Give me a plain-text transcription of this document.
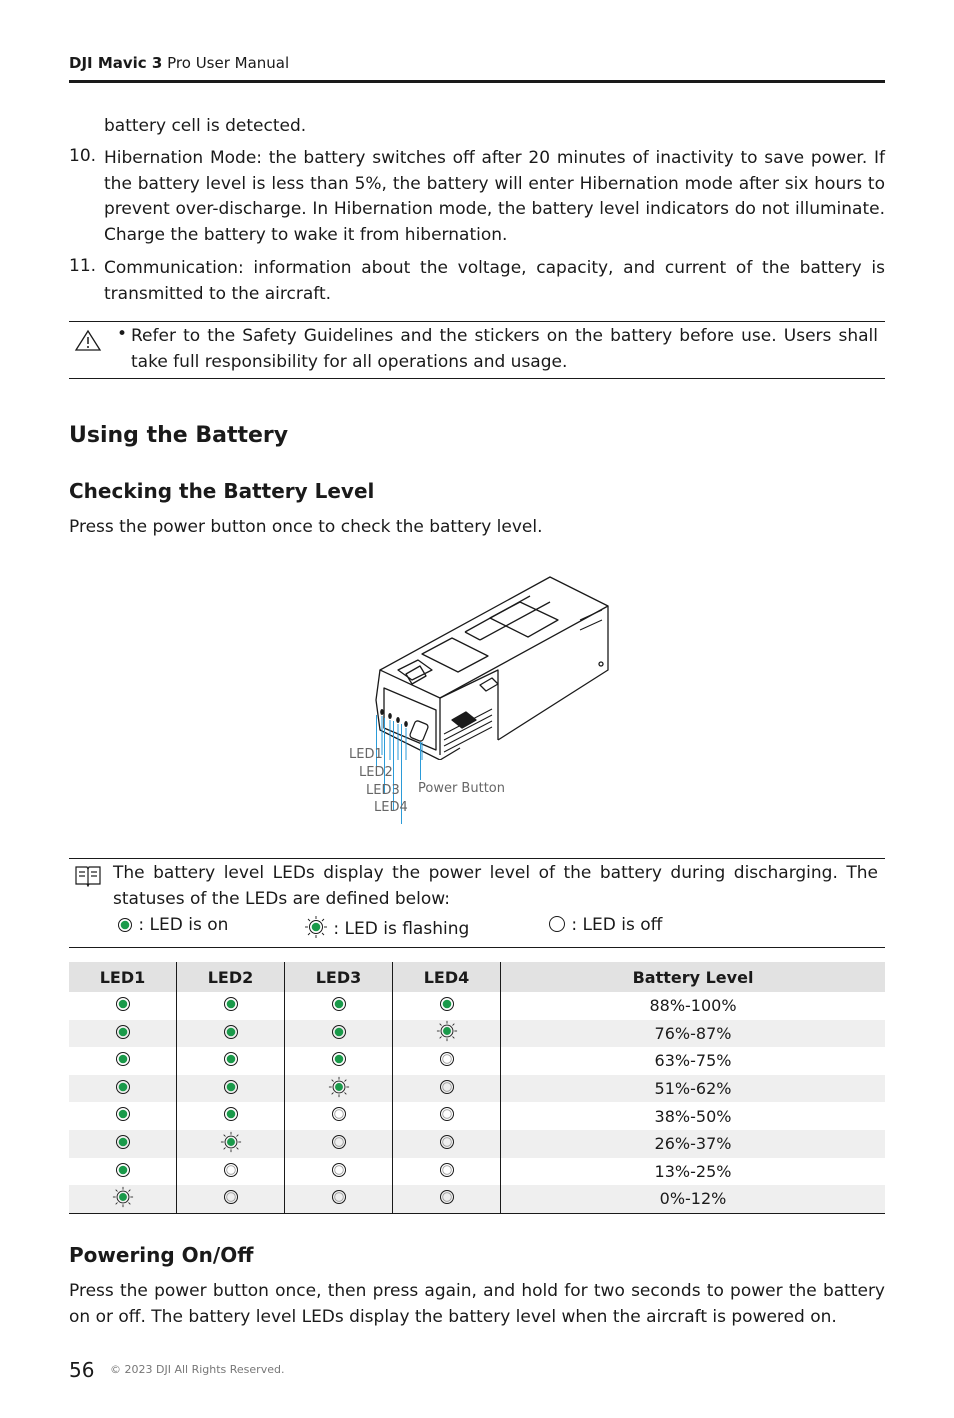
DJI Mavic 3 Pro User Manual
battery cell is detected.
10. Hibernation Mode: the battery switches off after 20 minutes of inactivity to save power. If the battery level is less than 5%, the battery will enter Hibernation mode after six hours to prevent over-discharge. In Hibernation mode, the battery level indicators do not illuminate. Charge the battery to wake it from hibernation.
11. Communication: information about the voltage, capacity, and current of the battery is transmitted to the aircraft.
• Refer to the Safety Guidelines and the stickers on the battery before use. Users shall take full responsibility for all operations and usage.
Using the Battery
Checking the Battery Level
Press the power button once to check the battery level.
LED1
LED2
LED3
LED4
Power Button
The battery level LEDs display the power level of the battery during discharging. The statuses of the LEDs are defined below:
: LED is on	: LED is flashing	: LED is off
LED1	LED2	LED3	LED4	Battery Level
				88%-100%
				76%-87%
				63%-75%
				51%-62%
				38%-50%
				26%-37%
				13%-25%
				0%-12%
Powering On/Off
Press the power button once, then press again, and hold for two seconds to power the battery on or off. The battery level LEDs display the battery level when the aircraft is powered on.
56 © 2023 DJI All Rights Reserved.
